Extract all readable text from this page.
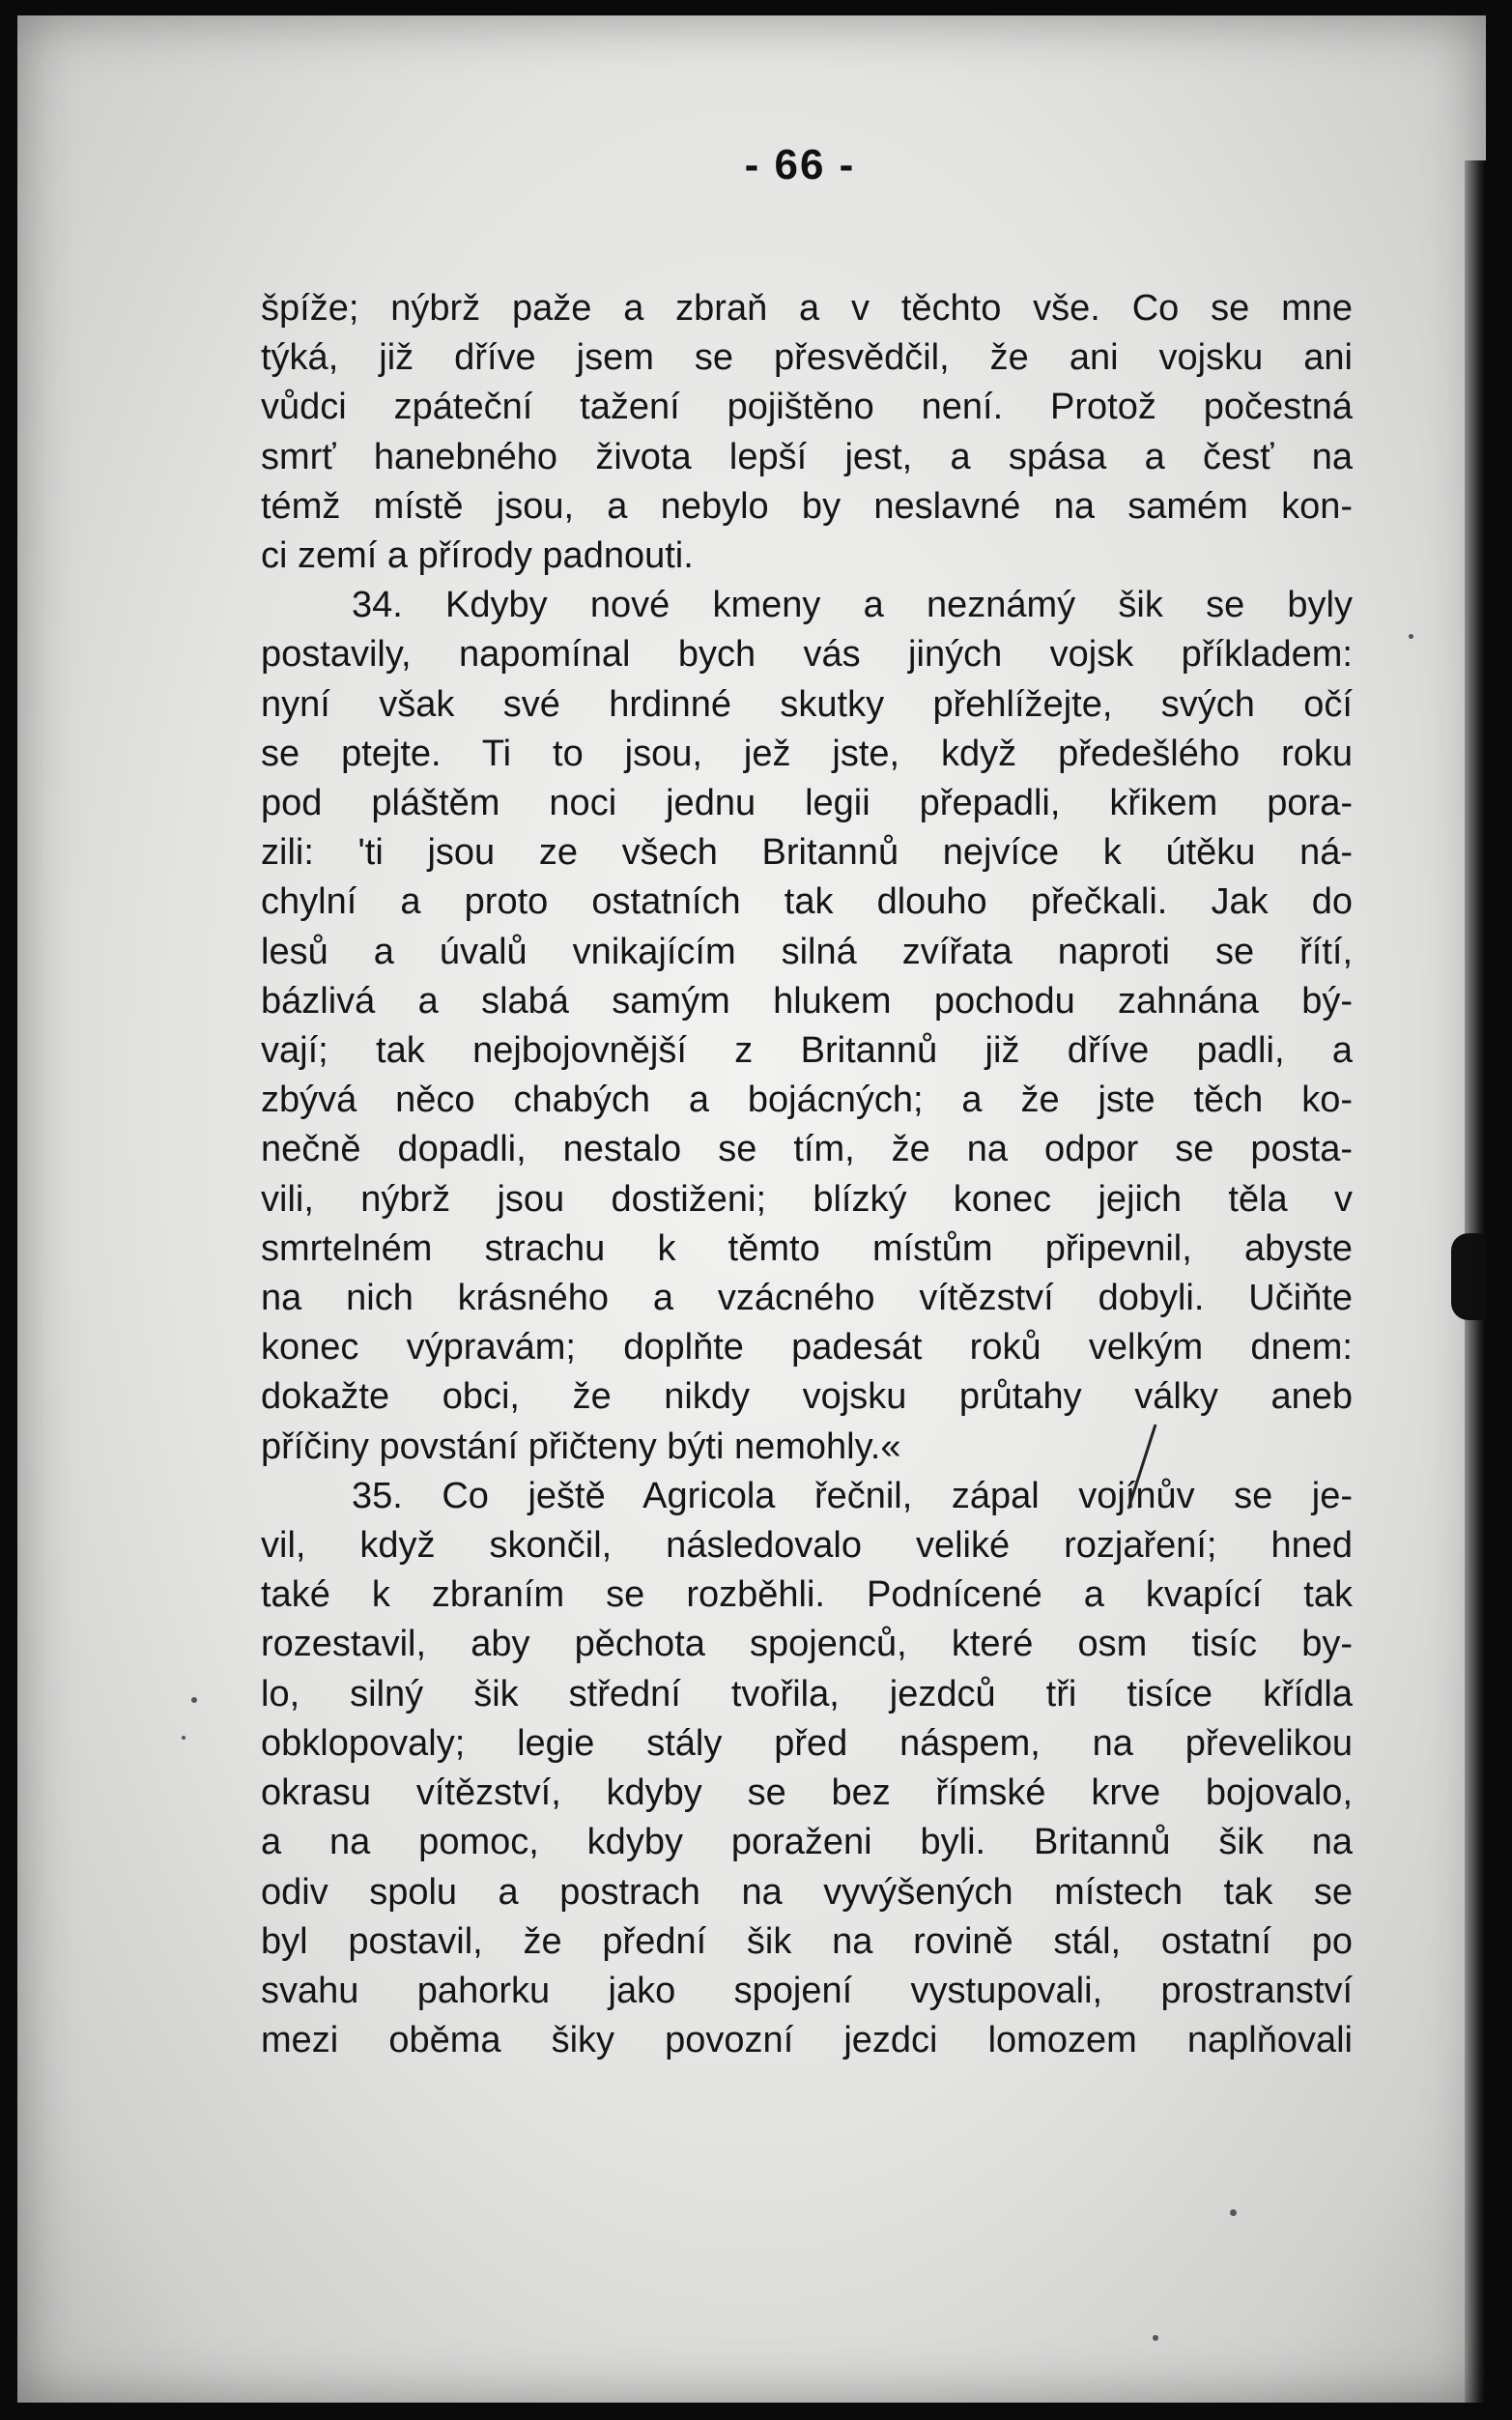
- 66 -
špíže; nýbrž paže a zbraň a v těchto vše. Co se mne
týká, již dříve jsem se přesvědčil, že ani vojsku ani
vůdci zpáteční tažení pojištěno není. Protož počestná
smrť hanebného života lepší jest, a spása a česť na
témž místě jsou, a nebylo by neslavné na samém kon-
ci zemí a přírody padnouti.
34. Kdyby nové kmeny a neznámý šik se byly
postavily, napomínal bych vás jiných vojsk příkladem:
nyní však své hrdinné skutky přehlížejte, svých očí
se ptejte. Ti to jsou, jež jste, když předešlého roku
pod pláštěm noci jednu legii přepadli, křikem pora-
zili: 'ti jsou ze všech Britannů nejvíce k útěku ná-
chylní a proto ostatních tak dlouho přečkali. Jak do
lesů a úvalů vnikajícím silná zvířata naproti se řítí,
bázlivá a slabá samým hlukem pochodu zahnána bý-
vají; tak nejbojovnější z Britannů již dříve padli, a
zbývá něco chabých a bojácných; a že jste těch ko-
nečně dopadli, nestalo se tím, že na odpor se posta-
vili, nýbrž jsou dostiženi; blízký konec jejich těla v
smrtelném strachu k těmto místům připevnil, abyste
na nich krásného a vzácného vítězství dobyli. Učiňte
konec výpravám; doplňte padesát roků velkým dnem:
dokažte obci, že nikdy vojsku průtahy války aneb
příčiny povstání přičteny býti nemohly.«
35. Co ještě Agricola řečnil, zápal vojínův se je-
vil, když skončil, následovalo veliké rozjaření; hned
také k zbraním se rozběhli. Podnícené a kvapící tak
rozestavil, aby pěchota spojenců, které osm tisíc by-
lo, silný šik střední tvořila, jezdců tři tisíce křídla
obklopovaly; legie stály před náspem, na převelikou
okrasu vítězství, kdyby se bez římské krve bojovalo,
a na pomoc, kdyby poraženi byli. Britannů šik na
odiv spolu a postrach na vyvýšených místech tak se
byl postavil, že přední šik na rovině stál, ostatní po
svahu pahorku jako spojení vystupovali, prostranství
mezi oběma šiky povozní jezdci lomozem naplňovali
